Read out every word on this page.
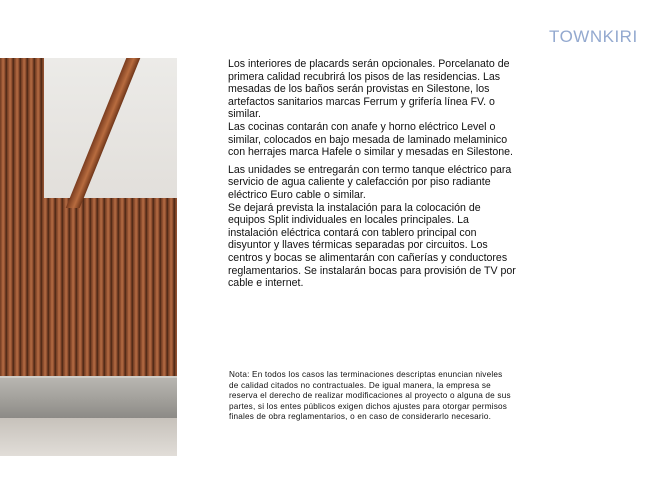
TOWNKIRI

Los interiores de placards serán opcionales. Porcelanato de primera calidad recubrirá los pisos de las residencias. Las mesadas de los baños serán provistas en Silestone, los artefactos sanitarios marcas Ferrum y grifería línea FV. o similar.

Las cocinas contarán con anafe y horno eléctrico Level o similar, colocados en bajo mesada de laminado melaminico con herrajes marca Hafele o similar y mesadas en Silestone.

Las unidades se entregarán con termo tanque eléctrico para servicio de agua caliente y calefacción por piso radiante eléctrico Euro cable o similar.

Se dejará prevista la instalación para la colocación de equipos Split individuales en locales principales. La instalación eléctrica contará con tablero principal con disyuntor y llaves térmicas separadas por circuitos. Los centros y bocas se alimentarán con cañerías y conductores reglamentarios. Se instalarán bocas para provisión de TV por cable e internet.

Nota: En todos los casos las terminaciones descriptas enuncian niveles de calidad citados no contractuales. De igual manera, la empresa se reserva el derecho de realizar modificaciones al proyecto o alguna de sus partes, si los entes públicos exigen dichos ajustes para otorgar permisos finales de obra reglamentarios, o en caso de considerarlo necesario.
